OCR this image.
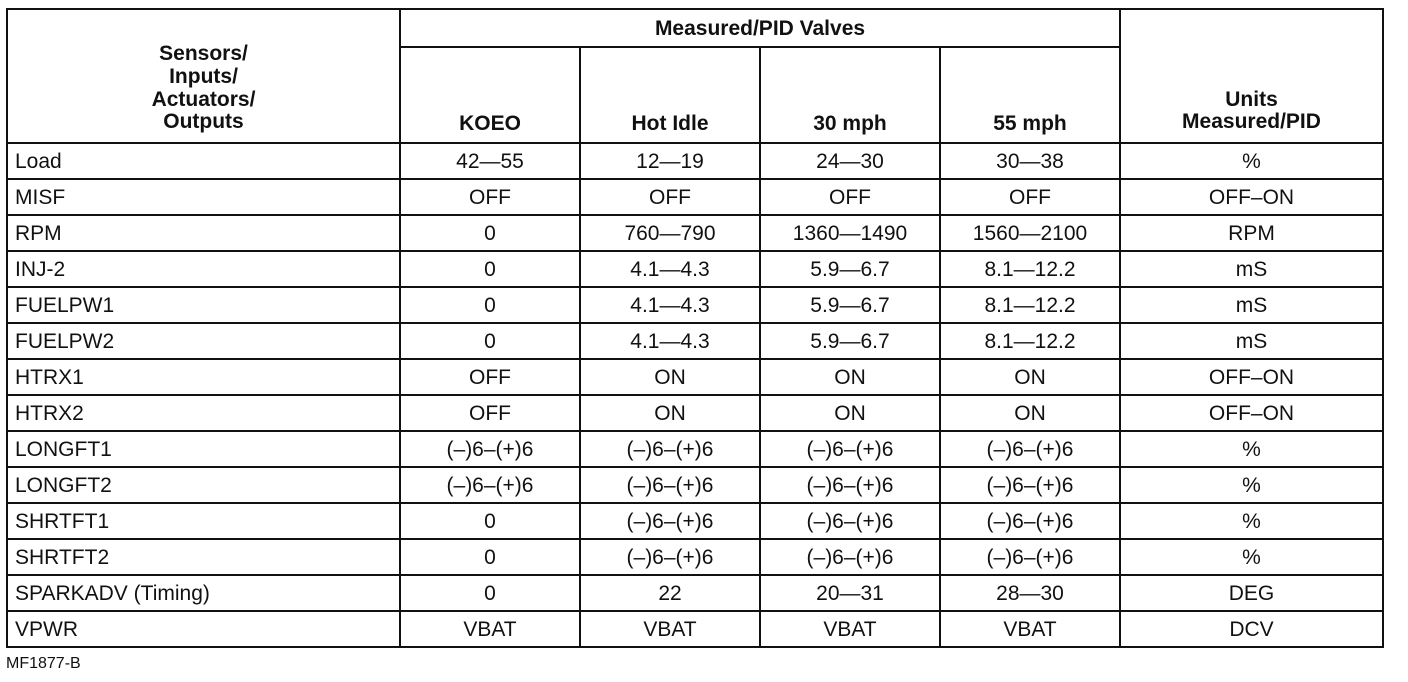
Sensors/
Inputs/
Actuators/
Outputs	Measured/PID Valves				Units
Measured/PID

	KOEO	Hot Idle	30 mph	55 mph	
Load	42—55	12—19	24—30	30—38	%
MISF	OFF	OFF	OFF	OFF	OFF–ON
RPM	0	760—790	1360—1490	1560—2100	RPM
INJ-2	0	4.1—4.3	5.9—6.7	8.1—12.2	mS
FUELPW1	0	4.1—4.3	5.9—6.7	8.1—12.2	mS
FUELPW2	0	4.1—4.3	5.9—6.7	8.1—12.2	mS
HTRX1	OFF	ON	ON	ON	OFF–ON
HTRX2	OFF	ON	ON	ON	OFF–ON
LONGFT1	(–)6–(+)6	(–)6–(+)6	(–)6–(+)6	(–)6–(+)6	%
LONGFT2	(–)6–(+)6	(–)6–(+)6	(–)6–(+)6	(–)6–(+)6	%
SHRTFT1	0	(–)6–(+)6	(–)6–(+)6	(–)6–(+)6	%
SHRTFT2	0	(–)6–(+)6	(–)6–(+)6	(–)6–(+)6	%
SPARKADV (Timing)	0	22	20—31	28—30	DEG
VPWR	VBAT	VBAT	VBAT	VBAT	DCV
MF1877-B
